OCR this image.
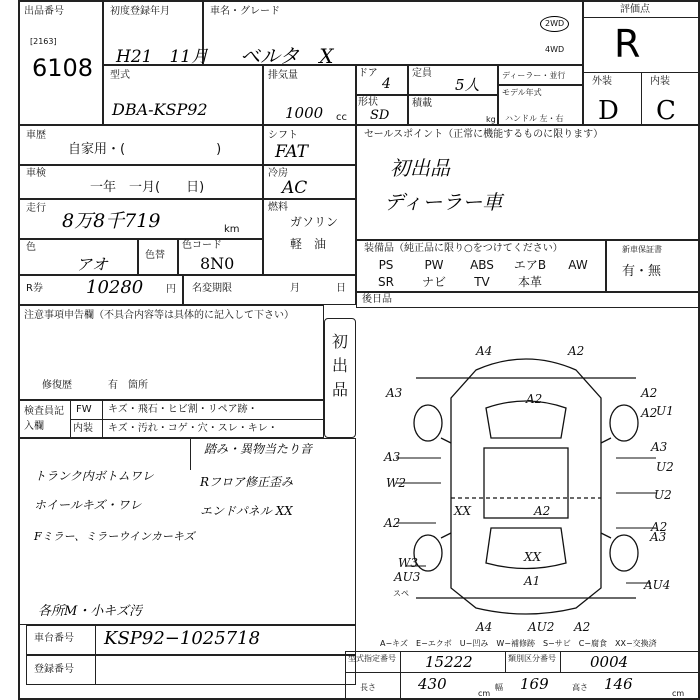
出品番号
[2163]
6108
初度登録年月
H21　11月
車名・グレード
ベルタ　X
2WD
4WD
評価点
R
外装	内装
D C
型式
DBA-KSP92
排気量
1000 cc
ドア
4
定員
5人
ディーラー・並行
形状
SD
積載
kg
モデル年式
ハンドル 左・右
車歴
自家用・(　　　　　　　)
シフト
FAT
車検
一年　一月(　　日)
冷房
AC
走行
8万8千719	km
燃料
ガソリン
軽　油
色
アオ	色替
色コード
8N0
R券 10280 円 名変期限	月	日
セールスポイント（正常に機能するものに限ります）
初出品
ディーラー車
装備品（純正品に限り○をつけてください）
PS	PW	ABS	エアB	AW
SR	ナビ	TV	本革
新車保証書
有・無
後日品
注意事項申告欄（不具合内容等は具体的に記入して下さい）
修復歴	有　箇所
初出品
検査員記入欄
FW キズ・飛石・ヒビ割・リペア跡・
内装 キズ・汚れ・コゲ・穴・スレ・キレ・
踏み・異物当たり音
トランク内ボトムワレ	Rフロア修正歪み
ホイールキズ・ワレ	エンドパネル XX
Fミラー、ミラーウインカーキズ
各所M・小キズ汚
A4	A2
A3	A2	A2
A2
U1
A3
A3
U2
W2
A2
U2
XX
A2
A3
A2
XX
W3
A1
AU3
AU4
A4	AU2 A2
スペ
A−キズ　E−エクボ　U−凹み　W−補修跡　S−サビ　C−腐食　XX−交換済
車台番号 KSP92−1025718
登録番号
型式指定番号 15222	類別区分番号 0004
長さ	430
cm
幅 169	高さ 146
cm
